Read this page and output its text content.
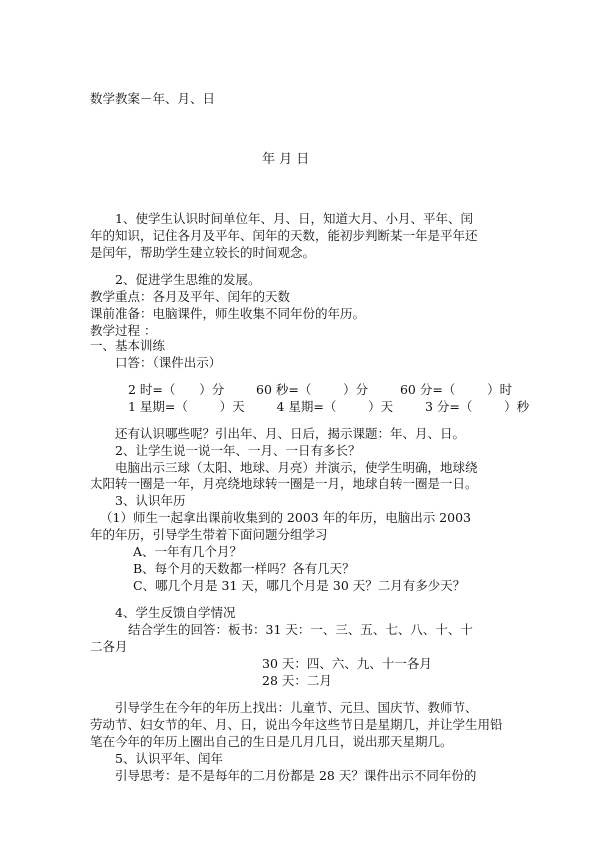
数学教案－年、月、日
年 月 日
1、使学生认识时间单位年、月、日，知道大月、小月、平年、闰
年的知识，记住各月及平年、闰年的天数，能初步判断某一年是平年还
是闰年，帮助学生建立较长的时间观念。
2、促进学生思维的发展。
教学重点：各月及平年、闰年的天数
课前准备：电脑课件，师生收集不同年份的年历。
教学过程 ：
一、基本训练
口答：（课件出示）
2 时=（      ）分        60 秒=（        ）分        60 分=（        ）时
1 星期=（        ）天        4 星期=（        ）天        3 分=（        ）秒
还有认识哪些呢？引出年、月、日后，揭示课题：年、月、日。
2、让学生说一说一年、一月、一日有多长？
电脑出示三球（太阳、地球、月亮）并演示，使学生明确，地球绕
太阳转一圈是一年，月亮绕地球转一圈是一月，地球自转一圈是一日。
3、认识年历
（1）师生一起拿出课前收集到的 2003 年的年历，电脑出示 2003
年的年历，引导学生带着下面问题分组学习
A、一年有几个月？
B、每个月的天数都一样吗？各有几天？
C、哪几个月是 31 天，哪几个月是 30 天？二月有多少天？
4、学生反馈自学情况
结合学生的回答：板书：31 天：一、三、五、七、八、十、十
二各月
30 天：四、六、九、十一各月
28 天：二月
引导学生在今年的年历上找出：儿童节、元旦、国庆节、教师节、
劳动节、妇女节的年、月、日，说出今年这些节日是星期几，并让学生用铅
笔在今年的年历上圈出自己的生日是几月几日，说出那天星期几。
5、认识平年、闰年
引导思考：是不是每年的二月份都是 28 天？课件出示不同年份的
